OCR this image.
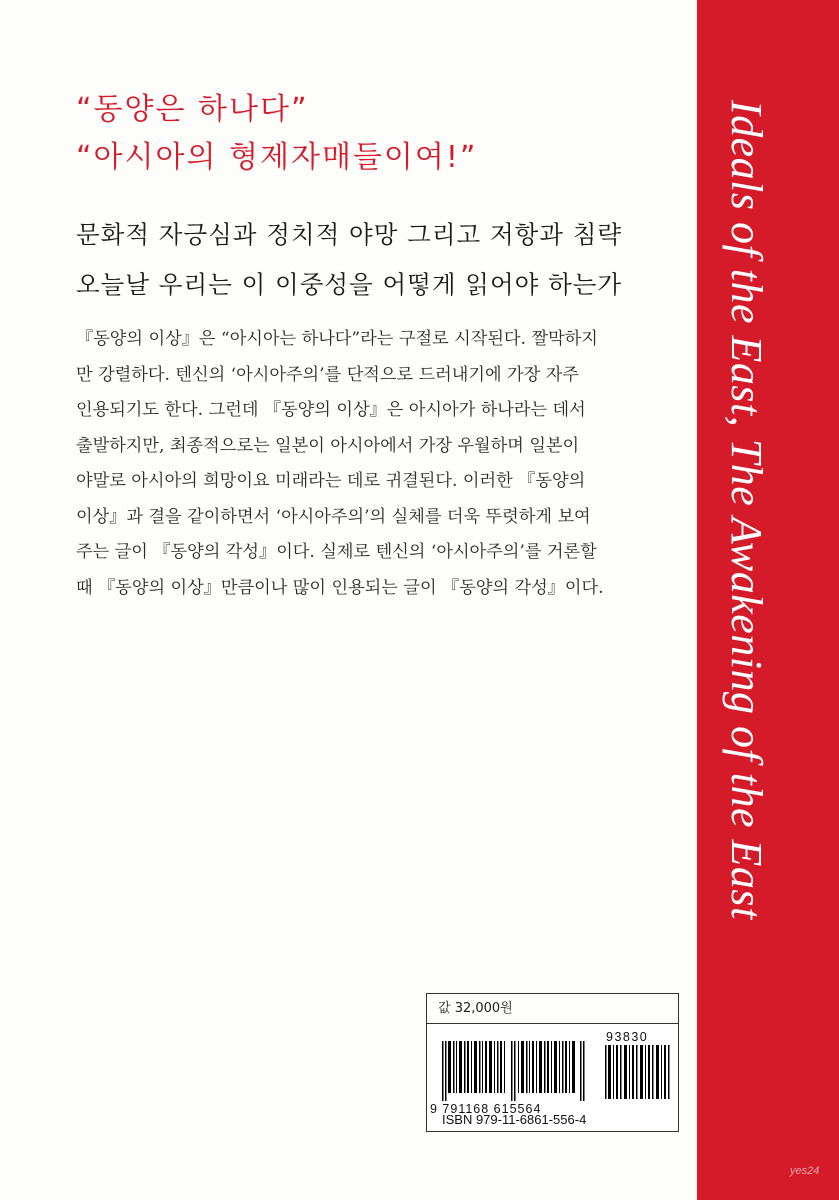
Ideals of the East, The Awakening of the East
“동양은 하나다”
“아시아의 형제자매들이여!”
문화적 자긍심과 정치적 야망 그리고 저항과 침략
오늘날 우리는 이 이중성을 어떻게 읽어야 하는가
『동양의 이상』은 “아시아는 하나다”라는 구절로 시작된다. 짤막하지
만 강렬하다. 텐신의 ‘아시아주의’를 단적으로 드러내기에 가장 자주
인용되기도 한다. 그런데 『동양의 이상』은 아시아가 하나라는 데서
출발하지만, 최종적으로는 일본이 아시아에서 가장 우월하며 일본이
야말로 아시아의 희망이요 미래라는 데로 귀결된다. 이러한 『동양의
이상』과 결을 같이하면서 ‘아시아주의’의 실체를 더욱 뚜렷하게 보여
주는 글이 『동양의 각성』이다. 실제로 텐신의 ‘아시아주의’를 거론할
때 『동양의 이상』만큼이나 많이 인용되는 글이 『동양의 각성』이다.
값 32,000원
93830
9 791168 615564
ISBN 979-11-6861-556-4
yes24
